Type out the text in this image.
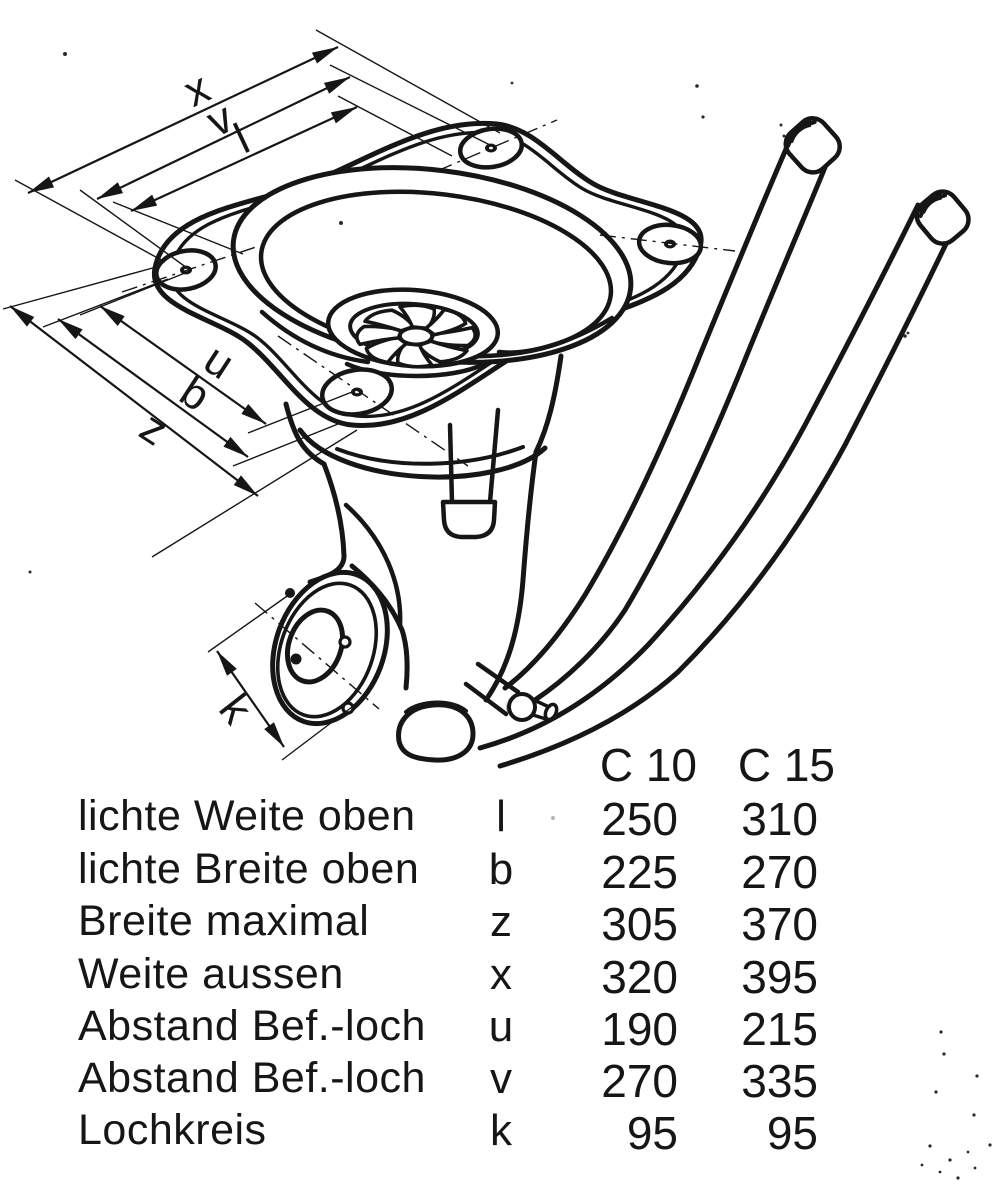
x
v
l
u
b
z
k
C 10 C 15
lichte Weite oben	l	250	310
lichte Breite oben	b	225	270
Breite maximal	z	305	370
Weite aussen	x	320	395
Abstand Bef.-loch	u	190	215
Abstand Bef.-loch	v	270	335
Lochkreis	k	95	95
